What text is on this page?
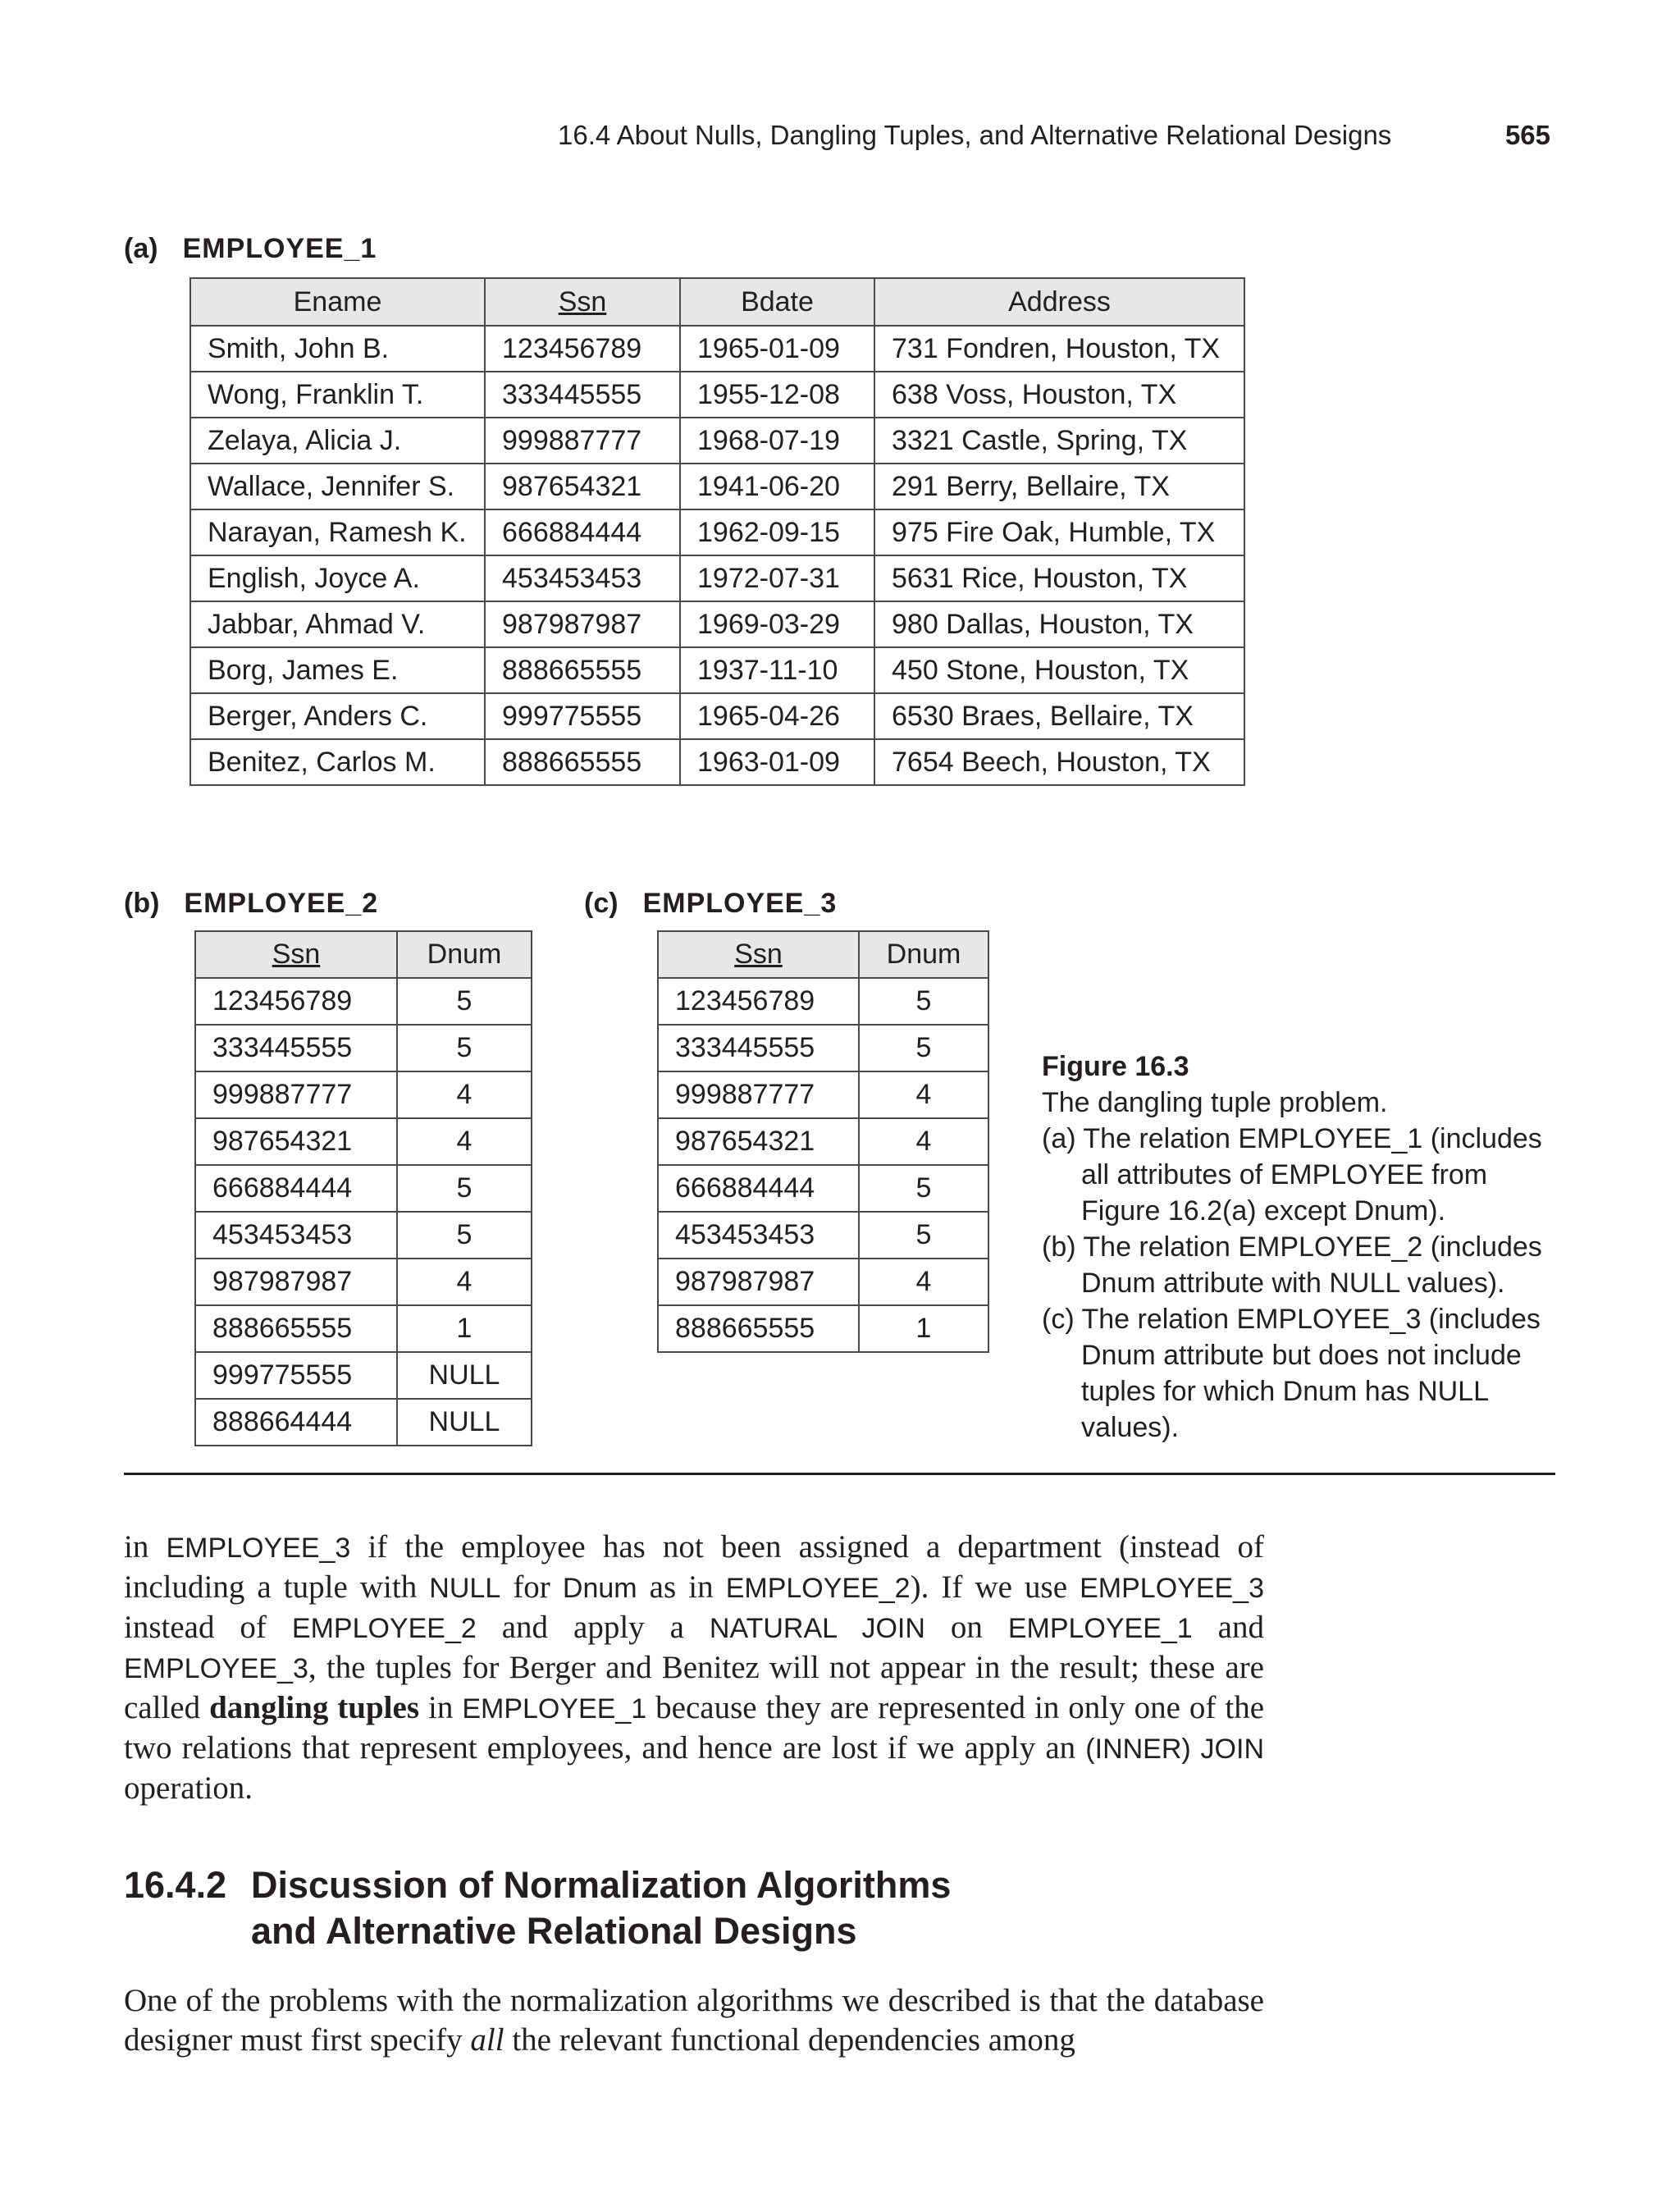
16.4 About Nulls, Dangling Tuples, and Alternative Relational Designs	565
(a) EMPLOYEE_1
Ename	Ssn	Bdate	Address
Smith, John B.	123456789	1965-01-09	731 Fondren, Houston, TX
Wong, Franklin T.	333445555	1955-12-08	638 Voss, Houston, TX
Zelaya, Alicia J.	999887777	1968-07-19	3321 Castle, Spring, TX
Wallace, Jennifer S.	987654321	1941-06-20	291 Berry, Bellaire, TX
Narayan, Ramesh K.	666884444	1962-09-15	975 Fire Oak, Humble, TX
English, Joyce A.	453453453	1972-07-31	5631 Rice, Houston, TX
Jabbar, Ahmad V.	987987987	1969-03-29	980 Dallas, Houston, TX
Borg, James E.	888665555	1937-11-10	450 Stone, Houston, TX
Berger, Anders C.	999775555	1965-04-26	6530 Braes, Bellaire, TX
Benitez, Carlos M.	888665555	1963-01-09	7654 Beech, Houston, TX
(b) EMPLOYEE_2
Ssn	Dnum
123456789	5
333445555	5
999887777	4
987654321	4
666884444	5
453453453	5
987987987	4
888665555	1
999775555	NULL
888664444	NULL
(c) EMPLOYEE_3
Ssn	Dnum
123456789	5
333445555	5
999887777	4
987654321	4
666884444	5
453453453	5
987987987	4
888665555	1
Figure 16.3
The dangling tuple problem.
(a) The relation EMPLOYEE_1 (includes all attributes of EMPLOYEE from Figure 16.2(a) except Dnum).
(b) The relation EMPLOYEE_2 (includes Dnum attribute with NULL values).
(c) The relation EMPLOYEE_3 (includes Dnum attribute but does not include tuples for which Dnum has NULL values).

in EMPLOYEE_3 if the employee has not been assigned a department (instead of including a tuple with NULL for Dnum as in EMPLOYEE_2). If we use EMPLOYEE_3 instead of EMPLOYEE_2 and apply a NATURAL JOIN on EMPLOYEE_1 and EMPLOYEE_3, the tuples for Berger and Benitez will not appear in the result; these are called dangling tuples in EMPLOYEE_1 because they are represented in only one of the two relations that represent employees, and hence are lost if we apply an (INNER) JOIN operation.

16.4.2 Discussion of Normalization Algorithms
and Alternative Relational Designs

One of the problems with the normalization algorithms we described is that the database designer must first specify all the relevant functional dependencies among
